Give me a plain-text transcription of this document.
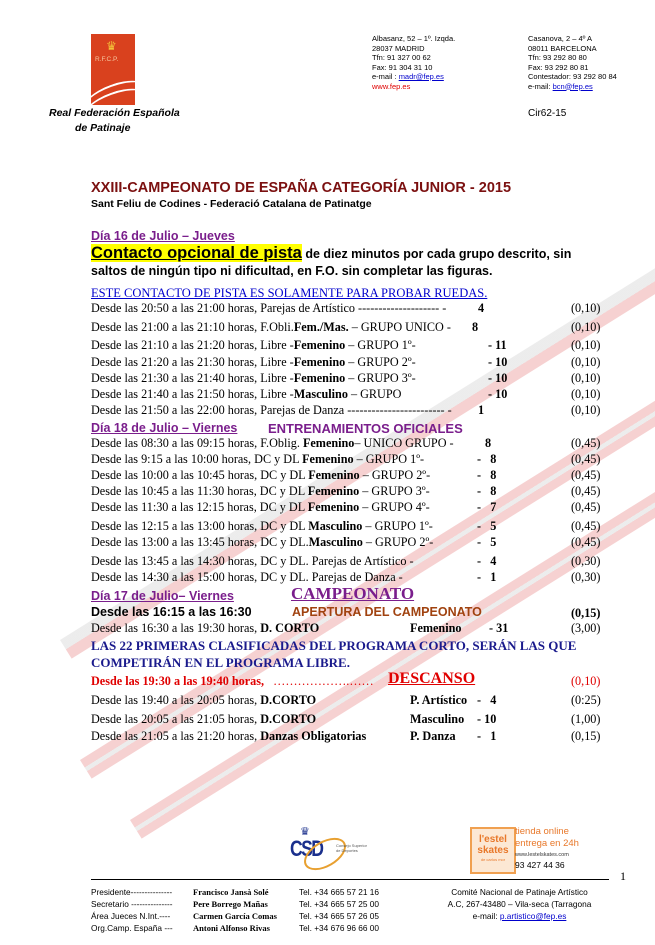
♛
R.F.C.P.
Real Federación Española
de Patinaje
Albasanz, 52 – 1º. Izqda.
28037 MADRID
Tfn: 91 327 00 62
Fax: 91 304 31 10
e-mail : madr@fep.es
www.fep.es
Casanova, 2 – 4º A
08011 BARCELONA
Tfn: 93 292 80 80
Fax: 93 292 80 81
Contestador: 93 292 80 84
e-mail: bcn@fep.es
Cir62-15
XXIII-CAMPEONATO DE ESPAÑA CATEGORÍA JUNIOR - 2015
Sant Feliu de Codines - Federació Catalana de Patinatge
Día 16 de Julio – Jueves
Contacto opcional de pista de diez minutos por cada grupo descrito, sin
saltos de ningún tipo ni dificultad, en F.O. sin completar las figuras.
ESTE CONTACTO DE PISTA ES SOLAMENTE PARA PROBAR RUEDAS.
Desde las 20:50 a las 21:00 horas, Parejas de Artístico -------------------- -	4	(0,10)
Desde las 21:00 a las 21:10 horas, F.Obli.Fem./Mas. – GRUPO UNICO - 8	(0,10)
Desde las 21:10 a las 21:20 horas, Libre -Femenino – GRUPO 1º-	- 11	(0,10)
Desde las 21:20 a las 21:30 horas, Libre -Femenino – GRUPO 2º-	- 10	(0,10)
Desde las 21:30 a las 21:40 horas, Libre -Femenino – GRUPO 3º-	- 10	(0,10)
Desde las 21:40 a las 21:50 horas, Libre -Masculino – GRUPO	- 10	(0,10)
Desde las 21:50 a las 22:00 horas, Parejas de Danza ------------------------ - 1	(0,10)
Día 18 de Julio – Viernes ENTRENAMIENTOS OFICIALES
Desde las 08:30 a las 09:15 horas, F.Oblig. Femenino– UNICO GRUPO -	8	(0,45)
Desde las 9:15 a las 10:00 horas, DC y DL Femenino – GRUPO 1º-	-   8	(0,45)
Desde las 10:00 a las 10:45 horas, DC y DL Femenino – GRUPO 2º-	-   8	(0,45)
Desde las 10:45 a las 11:30 horas, DC y DL Femenino – GRUPO 3º-	-   8	(0,45)
Desde las 11:30 a las 12:15 horas, DC y DL Femenino – GRUPO 4º-	-   7	(0,45)
Desde las 12:15 a las 13:00 horas, DC y DL Masculino – GRUPO 1º-	-   5	(0,45)
Desde las 13:00 a las 13:45 horas, DC y DL.Masculino – GRUPO 2º-	-   5	(0,45)
Desde las 13:45 a las 14:30 horas, DC y DL. Parejas de Artístico -	-   4	(0,30)
Desde las 14:30 a las 15:00 horas, DC y DL. Parejas de Danza -	-   1	(0,30)
Día 17 de Julio– Viernes	CAMPEONATO
Desde las 16:15 a las 16:30	APERTURA DEL CAMPEONATO	(0,15)
Desde las 16:30 a las 19:30 horas, D. CORTO	Femenino - 31	(3,00)
LAS 22 PRIMERAS CLASIFICADAS DEL PROGRAMA CORTO, SERÁN LAS QUE
COMPETIRÁN EN EL PROGRAMA LIBRE.
Desde las 19:30 a las 19:40 horas, ……………….…… DESCANSO	(0,10)
Desde las 19:40 a las 20:05 horas, D.CORTO	P. Artístico -   4	(0:25)
Desde las 20:05 a las 21:05 horas, D.CORTO	Masculino - 10	(1,00)
Desde las 21:05 a las 21:20 horas, Danzas Obligatorias	P. Danza -   1	(0,15)
♛
CSD	Consejo Superior de Deportes
l'estel
skates
de carlos mor
tienda online
entrega en 24h
www.lestelskates.com
93 427 44 36
1
Presidente---------------Francisco Jansà Solé	Tel. +34 665 57 21 16
Secretario ---------------Pere Borrego Mañas	Tel. +34 665 57 25 00
Área Jueces N.Int.----	Carmen García Comas	Tel. +34 665 57 26 05
Org.Camp. España --- Antoni Alfonso Rivas	Tel. +34 676 96 66 00
Comité Nacional de Patinaje Artístico
A.C, 267-43480 – Vila-seca (Tarragona
e-mail: p.artistico@fep.es
